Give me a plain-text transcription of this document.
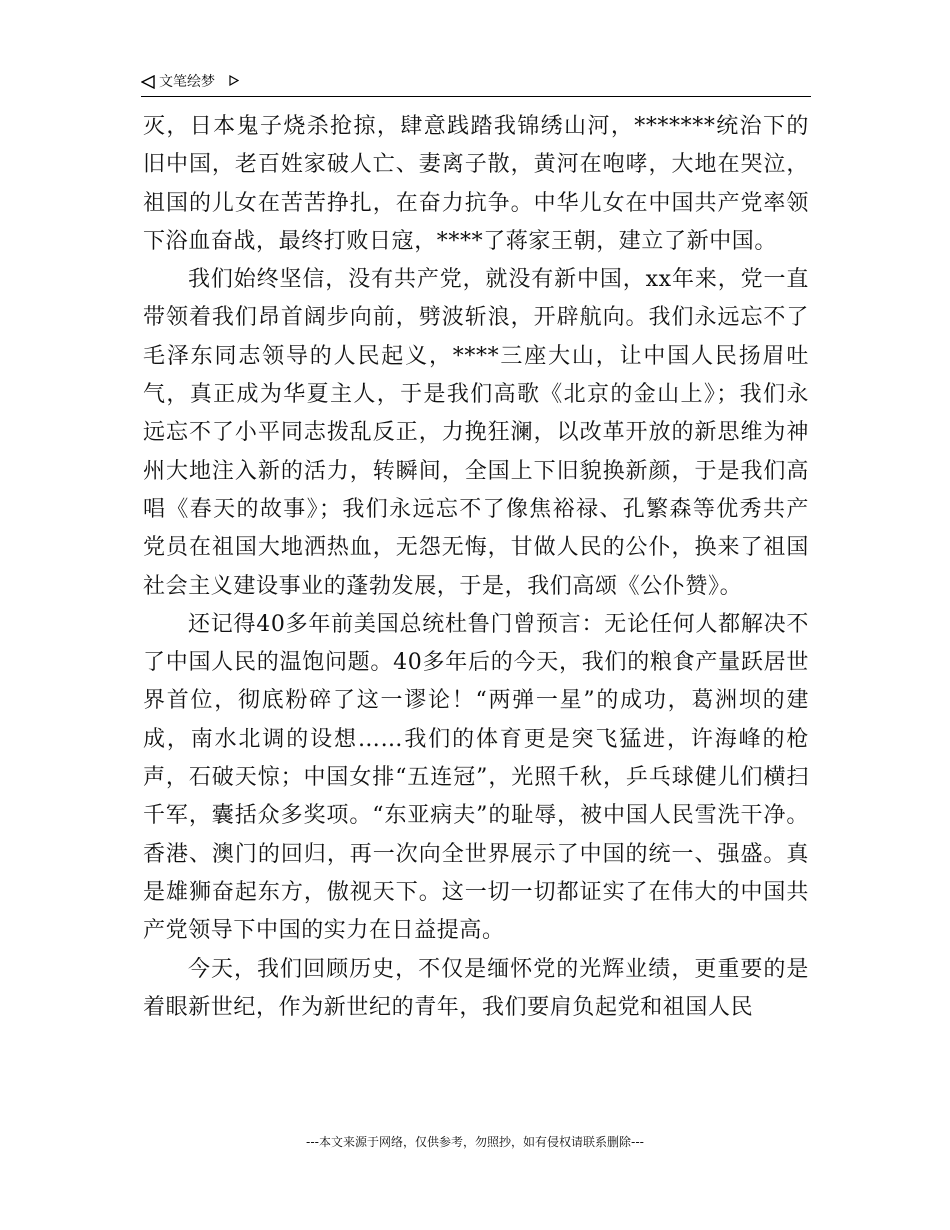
文笔绘梦

灭，日本鬼子烧杀抢掠，肆意践踏我锦绣山河，*******统治下的旧中国，老百姓家破人亡、妻离子散，黄河在咆哮，大地在哭泣，祖国的儿女在苦苦挣扎，在奋力抗争。中华儿女在中国共产党率领下浴血奋战，最终打败日寇，****了蒋家王朝，建立了新中国。

我们始终坚信，没有共产党，就没有新中国，xx年来，党一直带领着我们昂首阔步向前，劈波斩浪，开辟航向。我们永远忘不了毛泽东同志领导的人民起义，****三座大山，让中国人民扬眉吐气，真正成为华夏主人，于是我们高歌《北京的金山上》；我们永远忘不了小平同志拨乱反正，力挽狂澜，以改革开放的新思维为神州大地注入新的活力，转瞬间，全国上下旧貌换新颜，于是我们高唱《春天的故事》；我们永远忘不了像焦裕禄、孔繁森等优秀共产党员在祖国大地洒热血，无怨无悔，甘做人民的公仆，换来了祖国社会主义建设事业的蓬勃发展，于是，我们高颂《公仆赞》。

还记得40多年前美国总统杜鲁门曾预言：无论任何人都解决不了中国人民的温饱问题。40多年后的今天，我们的粮食产量跃居世界首位，彻底粉碎了这一谬论！“两弹一星”的成功，葛洲坝的建成，南水北调的设想……我们的体育更是突飞猛进，许海峰的枪声，石破天惊；中国女排“五连冠”，光照千秋，乒乓球健儿们横扫千军，囊括众多奖项。“东亚病夫”的耻辱，被中国人民雪洗干净。香港、澳门的回归，再一次向全世界展示了中国的统一、强盛。真是雄狮奋起东方，傲视天下。这一切一切都证实了在伟大的中国共产党领导下中国的实力在日益提高。

今天，我们回顾历史，不仅是缅怀党的光辉业绩，更重要的是着眼新世纪，作为新世纪的青年，我们要肩负起党和祖国人民

---本文来源于网络，仅供参考，勿照抄，如有侵权请联系删除---
